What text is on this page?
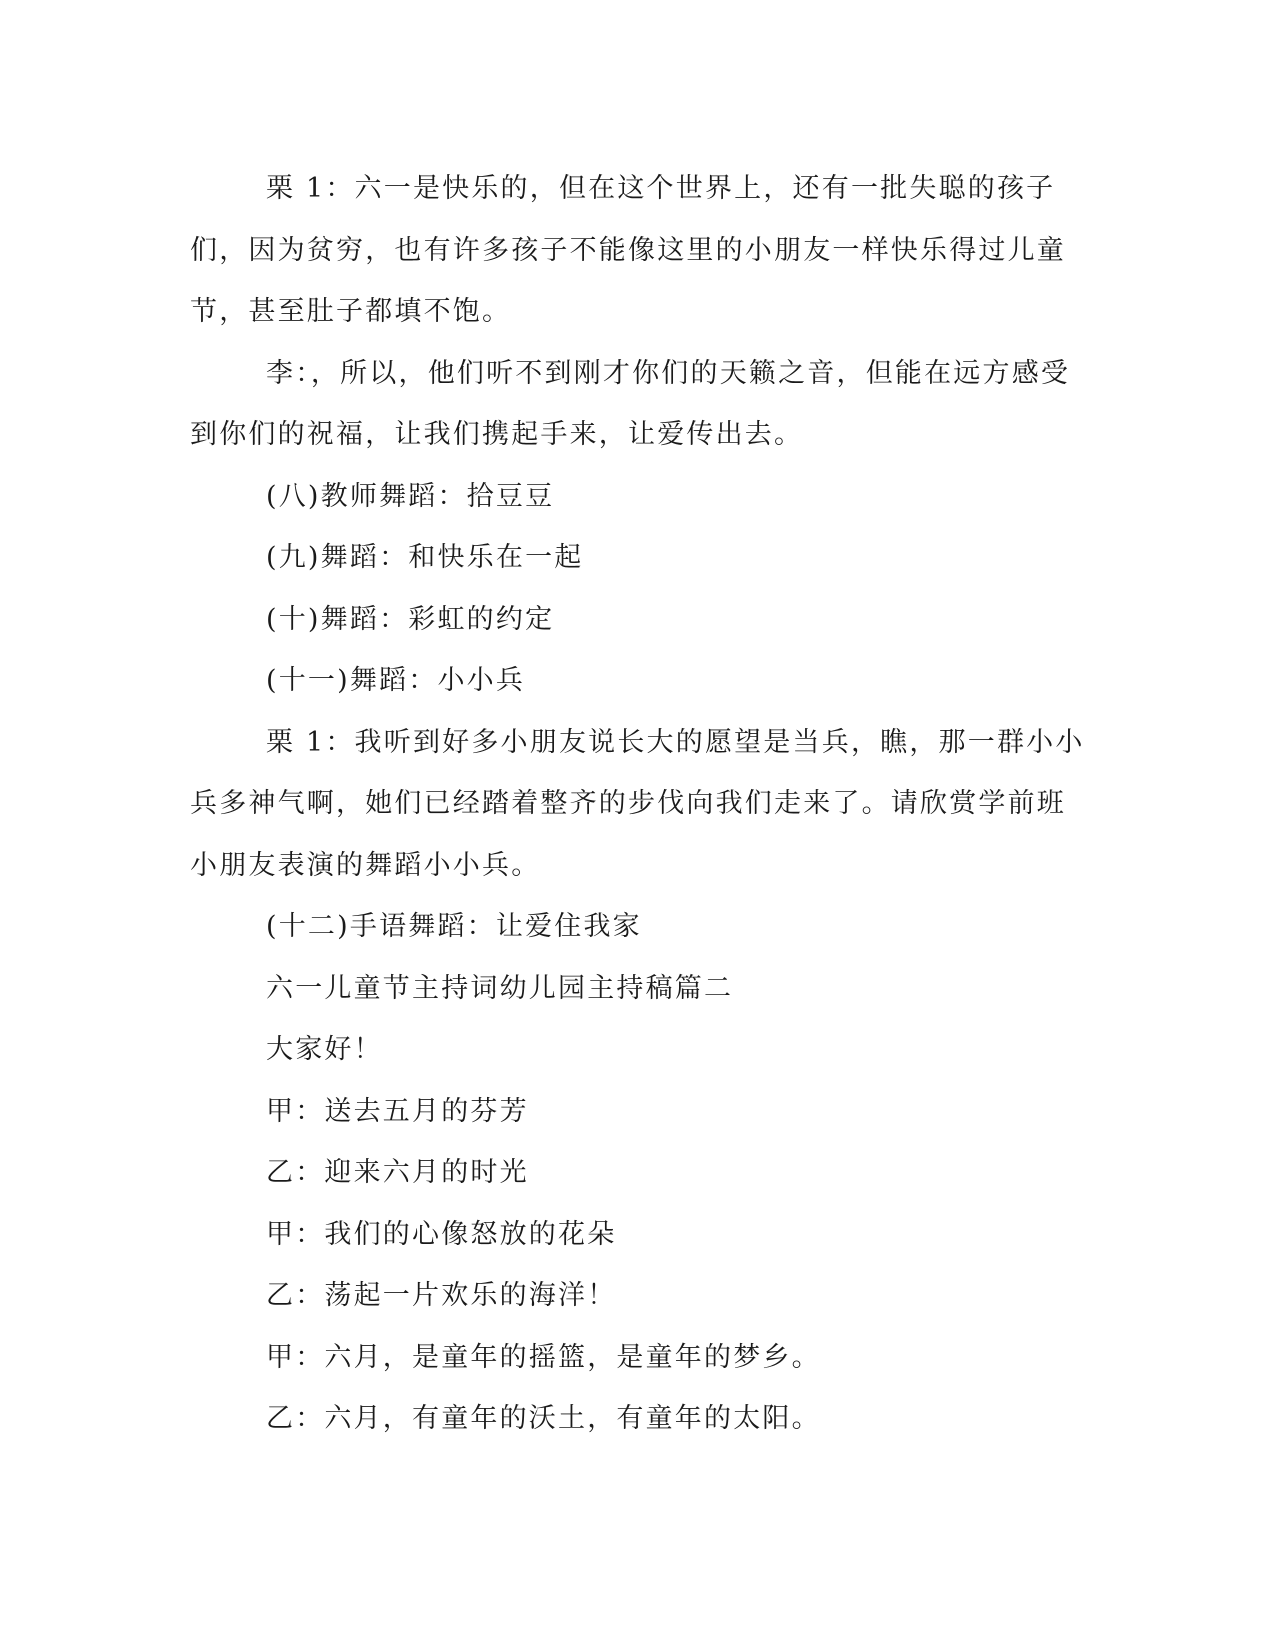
栗 1：六一是快乐的，但在这个世界上，还有一批失聪的孩子们，因为贫穷，也有许多孩子不能像这里的小朋友一样快乐得过儿童节，甚至肚子都填不饱。

李：，所以，他们听不到刚才你们的天籁之音，但能在远方感受到你们的祝福，让我们携起手来，让爱传出去。

(八)教师舞蹈：拾豆豆

(九)舞蹈：和快乐在一起

(十)舞蹈：彩虹的约定

(十一)舞蹈：小小兵

栗 1：我听到好多小朋友说长大的愿望是当兵，瞧，那一群小小兵多神气啊，她们已经踏着整齐的步伐向我们走来了。请欣赏学前班小朋友表演的舞蹈小小兵。

(十二)手语舞蹈：让爱住我家

六一儿童节主持词幼儿园主持稿篇二

大家好！

甲：送去五月的芬芳

乙：迎来六月的时光

甲：我们的心像怒放的花朵

乙：荡起一片欢乐的海洋！

甲：六月，是童年的摇篮，是童年的梦乡。

乙：六月，有童年的沃土，有童年的太阳。
